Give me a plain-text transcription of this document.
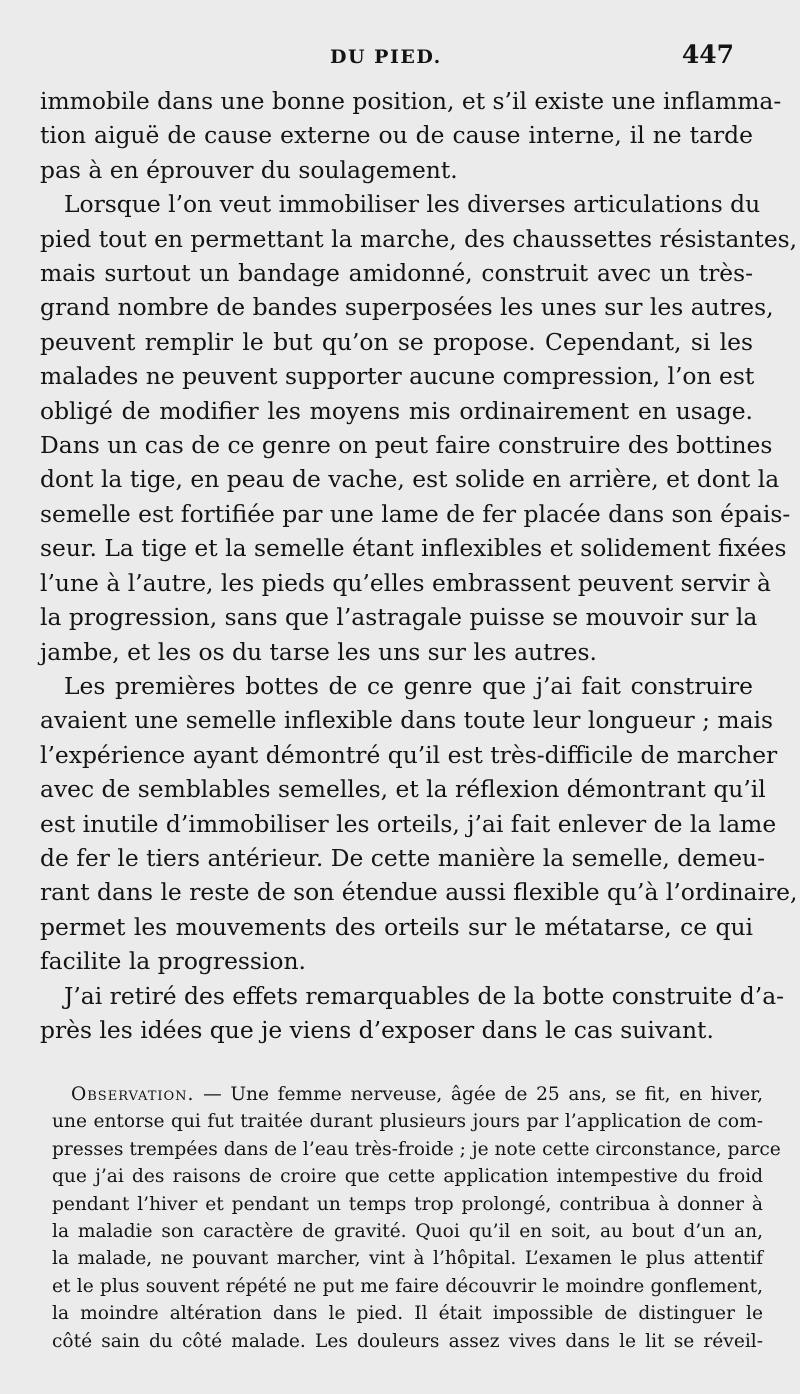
DU PIED.	447

immobile dans une bonne position, et s’il existe une inflamma-
tion aiguë de cause externe ou de cause interne, il ne tarde
pas à en éprouver du soulagement.

Lorsque l’on veut immobiliser les diverses articulations du
pied tout en permettant la marche, des chaussettes résistantes,
mais surtout un bandage amidonné, construit avec un très-
grand nombre de bandes superposées les unes sur les autres,
peuvent remplir le but qu’on se propose. Cependant, si les
malades ne peuvent supporter aucune compression, l’on est
obligé de modifier les moyens mis ordinairement en usage.
Dans un cas de ce genre on peut faire construire des bottines
dont la tige, en peau de vache, est solide en arrière, et dont la
semelle est fortifiée par une lame de fer placée dans son épais-
seur. La tige et la semelle étant inflexibles et solidement fixées
l’une à l’autre, les pieds qu’elles embrassent peuvent servir à
la progression, sans que l’astragale puisse se mouvoir sur la
jambe, et les os du tarse les uns sur les autres.

Les premières bottes de ce genre que j’ai fait construire
avaient une semelle inflexible dans toute leur longueur ; mais
l’expérience ayant démontré qu’il est très-difficile de marcher
avec de semblables semelles, et la réflexion démontrant qu’il
est inutile d’immobiliser les orteils, j’ai fait enlever de la lame
de fer le tiers antérieur. De cette manière la semelle, demeu-
rant dans le reste de son étendue aussi flexible qu’à l’ordinaire,
permet les mouvements des orteils sur le métatarse, ce qui
facilite la progression.

J’ai retiré des effets remarquables de la botte construite d’a-
près les idées que je viens d’exposer dans le cas suivant.

Observation. — Une femme nerveuse, âgée de 25 ans, se fit, en hiver,
une entorse qui fut traitée durant plusieurs jours par l’application de com-
presses trempées dans de l’eau très-froide ; je note cette circonstance, parce
que j’ai des raisons de croire que cette application intempestive du froid
pendant l’hiver et pendant un temps trop prolongé, contribua à donner à
la maladie son caractère de gravité. Quoi qu’il en soit, au bout d’un an,
la malade, ne pouvant marcher, vint à l’hôpital. L’examen le plus attentif
et le plus souvent répété ne put me faire découvrir le moindre gonflement,
la moindre altération dans le pied. Il était impossible de distinguer le
côté sain du côté malade. Les douleurs assez vives dans le lit se réveil-
